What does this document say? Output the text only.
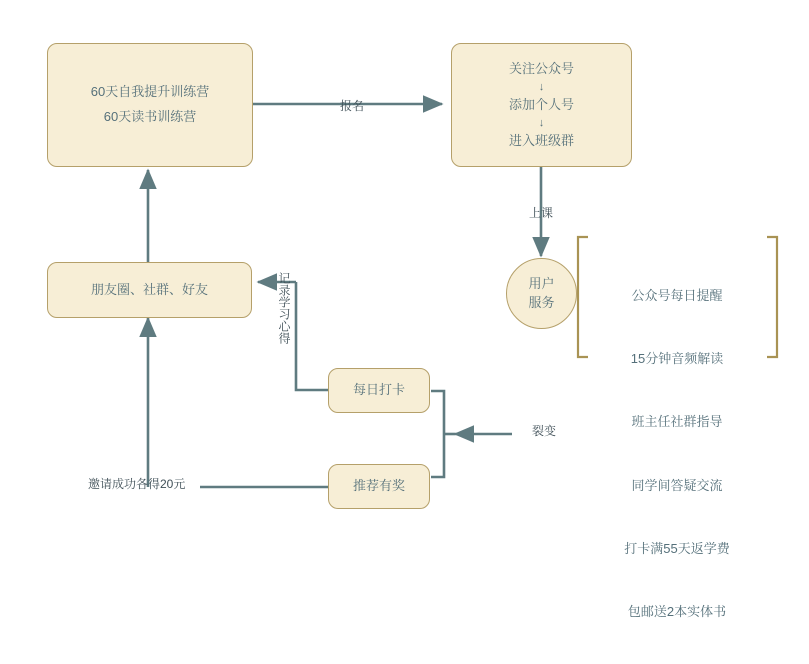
60天自我提升训练营
60天读书训练营
关注公众号
↓
添加个人号
↓
进入班级群
用户
服务
朋友圈、社群、好友
每日打卡
推荐有奖
报名
上课
裂变
记录学习心得
邀请成功各得20元

公众号每日提醒

15分钟音频解读

班主任社群指导

同学间答疑交流

打卡满55天返学费

包邮送2本实体书
